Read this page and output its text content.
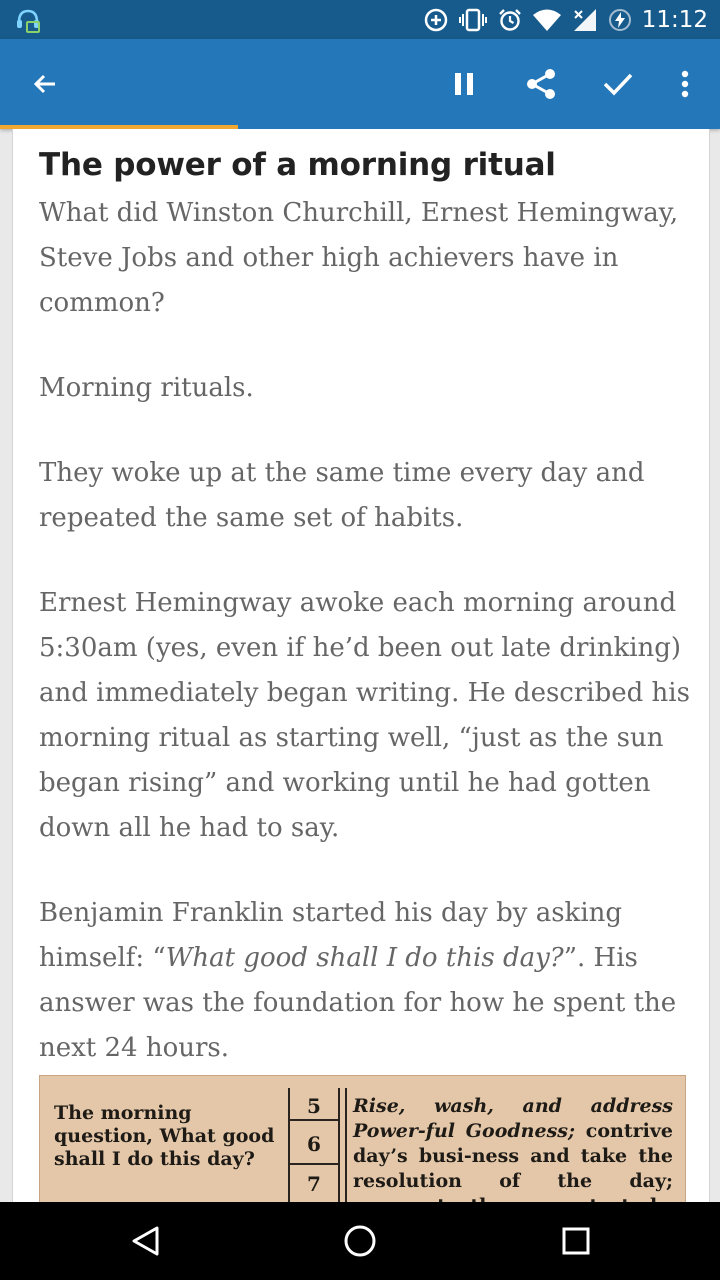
11:12
The power of a morning ritual

What did Winston Churchill, Ernest Hemingway, Steve Jobs and other high achievers have in common?

Morning rituals.

They woke up at the same time every day and repeated the same set of habits.

Ernest Hemingway awoke each morning around 5:30am (yes, even if he’d been out late drinking) and immediately began writing. He described his morning ritual as starting well, “just as the sun began rising” and working until he had gotten down all he had to say.

Benjamin Franklin started his day by asking himself: “What good shall I do this day?”. His answer was the foundation for how he spent the next 24 hours.

The morning question, What good shall I do this day?
5
6
7
Rise, wash, and address Power-ful Goodness; contrive day’s busi-ness and take the resolution of the day;
